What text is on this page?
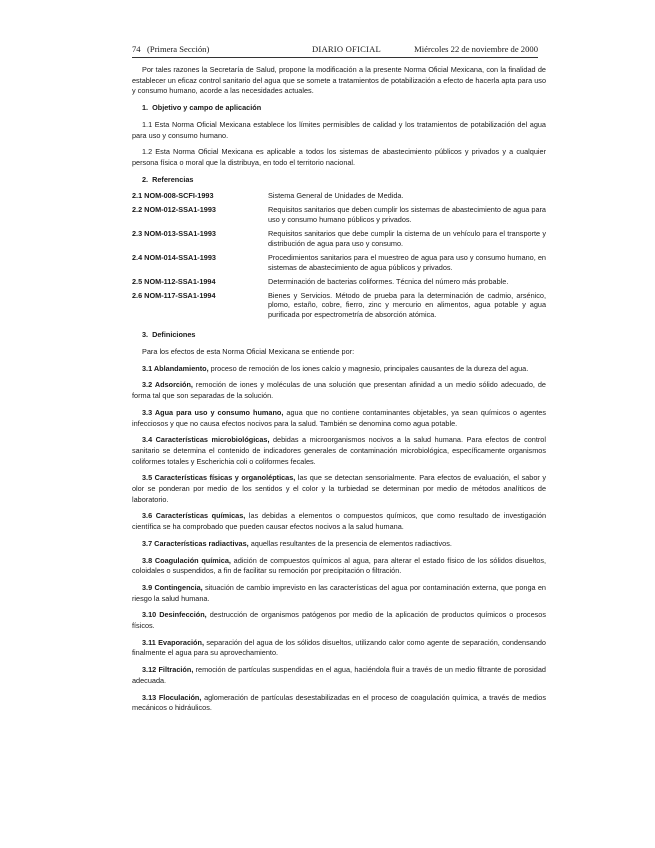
74 (Primera Sección)	DIARIO OFICIAL	Miércoles 22 de noviembre de 2000

Por tales razones la Secretaría de Salud, propone la modificación a la presente Norma Oficial Mexicana, con la finalidad de establecer un eficaz control sanitario del agua que se somete a tratamientos de potabilización a efecto de hacerla apta para uso y consumo humano, acorde a las necesidades actuales.

1. Objetivo y campo de aplicación

1.1 Esta Norma Oficial Mexicana establece los límites permisibles de calidad y los tratamientos de potabilización del agua para uso y consumo humano.

1.2 Esta Norma Oficial Mexicana es aplicable a todos los sistemas de abastecimiento públicos y privados y a cualquier persona física o moral que la distribuya, en todo el territorio nacional.

2. Referencias
2.1 NOM-008-SCFI-1993	Sistema General de Unidades de Medida.
2.2 NOM-012-SSA1-1993	Requisitos sanitarios que deben cumplir los sistemas de abastecimiento de agua para uso y consumo humano públicos y privados.
2.3 NOM-013-SSA1-1993	Requisitos sanitarios que debe cumplir la cisterna de un vehículo para el transporte y distribución de agua para uso y consumo.
2.4 NOM-014-SSA1-1993	Procedimientos sanitarios para el muestreo de agua para uso y consumo humano, en sistemas de abastecimiento de agua públicos y privados.
2.5 NOM-112-SSA1-1994	Determinación de bacterias coliformes. Técnica del número más probable.
2.6 NOM-117-SSA1-1994	Bienes y Servicios. Método de prueba para la determinación de cadmio, arsénico, plomo, estaño, cobre, fierro, zinc y mercurio en alimentos, agua potable y agua purificada por espectrometría de absorción atómica.
3. Definiciones

Para los efectos de esta Norma Oficial Mexicana se entiende por:

3.1 Ablandamiento, proceso de remoción de los iones calcio y magnesio, principales causantes de la dureza del agua.

3.2 Adsorción, remoción de iones y moléculas de una solución que presentan afinidad a un medio sólido adecuado, de forma tal que son separadas de la solución.

3.3 Agua para uso y consumo humano, agua que no contiene contaminantes objetables, ya sean químicos o agentes infecciosos y que no causa efectos nocivos para la salud. También se denomina como agua potable.

3.4 Características microbiológicas, debidas a microorganismos nocivos a la salud humana. Para efectos de control sanitario se determina el contenido de indicadores generales de contaminación microbiológica, específicamente organismos coliformes totales y Escherichia coli o coliformes fecales.

3.5 Características físicas y organolépticas, las que se detectan sensorialmente. Para efectos de evaluación, el sabor y olor se ponderan por medio de los sentidos y el color y la turbiedad se determinan por medio de métodos analíticos de laboratorio.

3.6 Características químicas, las debidas a elementos o compuestos químicos, que como resultado de investigación científica se ha comprobado que pueden causar efectos nocivos a la salud humana.

3.7 Características radiactivas, aquellas resultantes de la presencia de elementos radiactivos.

3.8 Coagulación química, adición de compuestos químicos al agua, para alterar el estado físico de los sólidos disueltos, coloidales o suspendidos, a fin de facilitar su remoción por precipitación o filtración.

3.9 Contingencia, situación de cambio imprevisto en las características del agua por contaminación externa, que ponga en riesgo la salud humana.

3.10 Desinfección, destrucción de organismos patógenos por medio de la aplicación de productos químicos o procesos físicos.

3.11 Evaporación, separación del agua de los sólidos disueltos, utilizando calor como agente de separación, condensando finalmente el agua para su aprovechamiento.

3.12 Filtración, remoción de partículas suspendidas en el agua, haciéndola fluir a través de un medio filtrante de porosidad adecuada.

3.13 Floculación, aglomeración de partículas desestabilizadas en el proceso de coagulación química, a través de medios mecánicos o hidráulicos.
